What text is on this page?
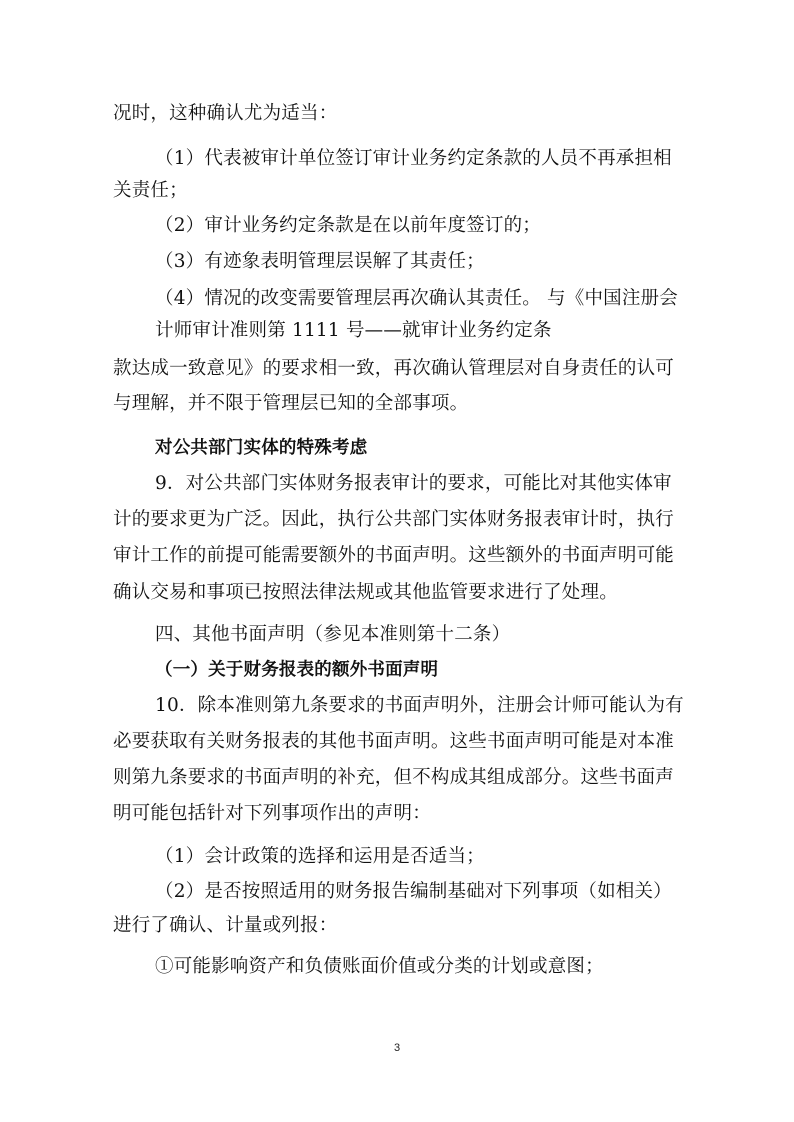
况时，这种确认尤为适当：
（1）代表被审计单位签订审计业务约定条款的人员不再承担相
关责任；
（2）审计业务约定条款是在以前年度签订的；
（3）有迹象表明管理层误解了其责任；
（4）情况的改变需要管理层再次确认其责任。 与《中国注册会
计师审计准则第 1111 号——就审计业务约定条
款达成一致意见》的要求相一致，再次确认管理层对自身责任的认可
与理解，并不限于管理层已知的全部事项。
对公共部门实体的特殊考虑
9．对公共部门实体财务报表审计的要求，可能比对其他实体审
计的要求更为广泛。因此，执行公共部门实体财务报表审计时，执行
审计工作的前提可能需要额外的书面声明。这些额外的书面声明可能
确认交易和事项已按照法律法规或其他监管要求进行了处理。
四、其他书面声明（参见本准则第十二条）
（一）关于财务报表的额外书面声明
10．除本准则第九条要求的书面声明外，注册会计师可能认为有
必要获取有关财务报表的其他书面声明。这些书面声明可能是对本准
则第九条要求的书面声明的补充，但不构成其组成部分。这些书面声
明可能包括针对下列事项作出的声明：
（1）会计政策的选择和运用是否适当；
（2）是否按照适用的财务报告编制基础对下列事项（如相关）
进行了确认、计量或列报：
①可能影响资产和负债账面价值或分类的计划或意图；
3
